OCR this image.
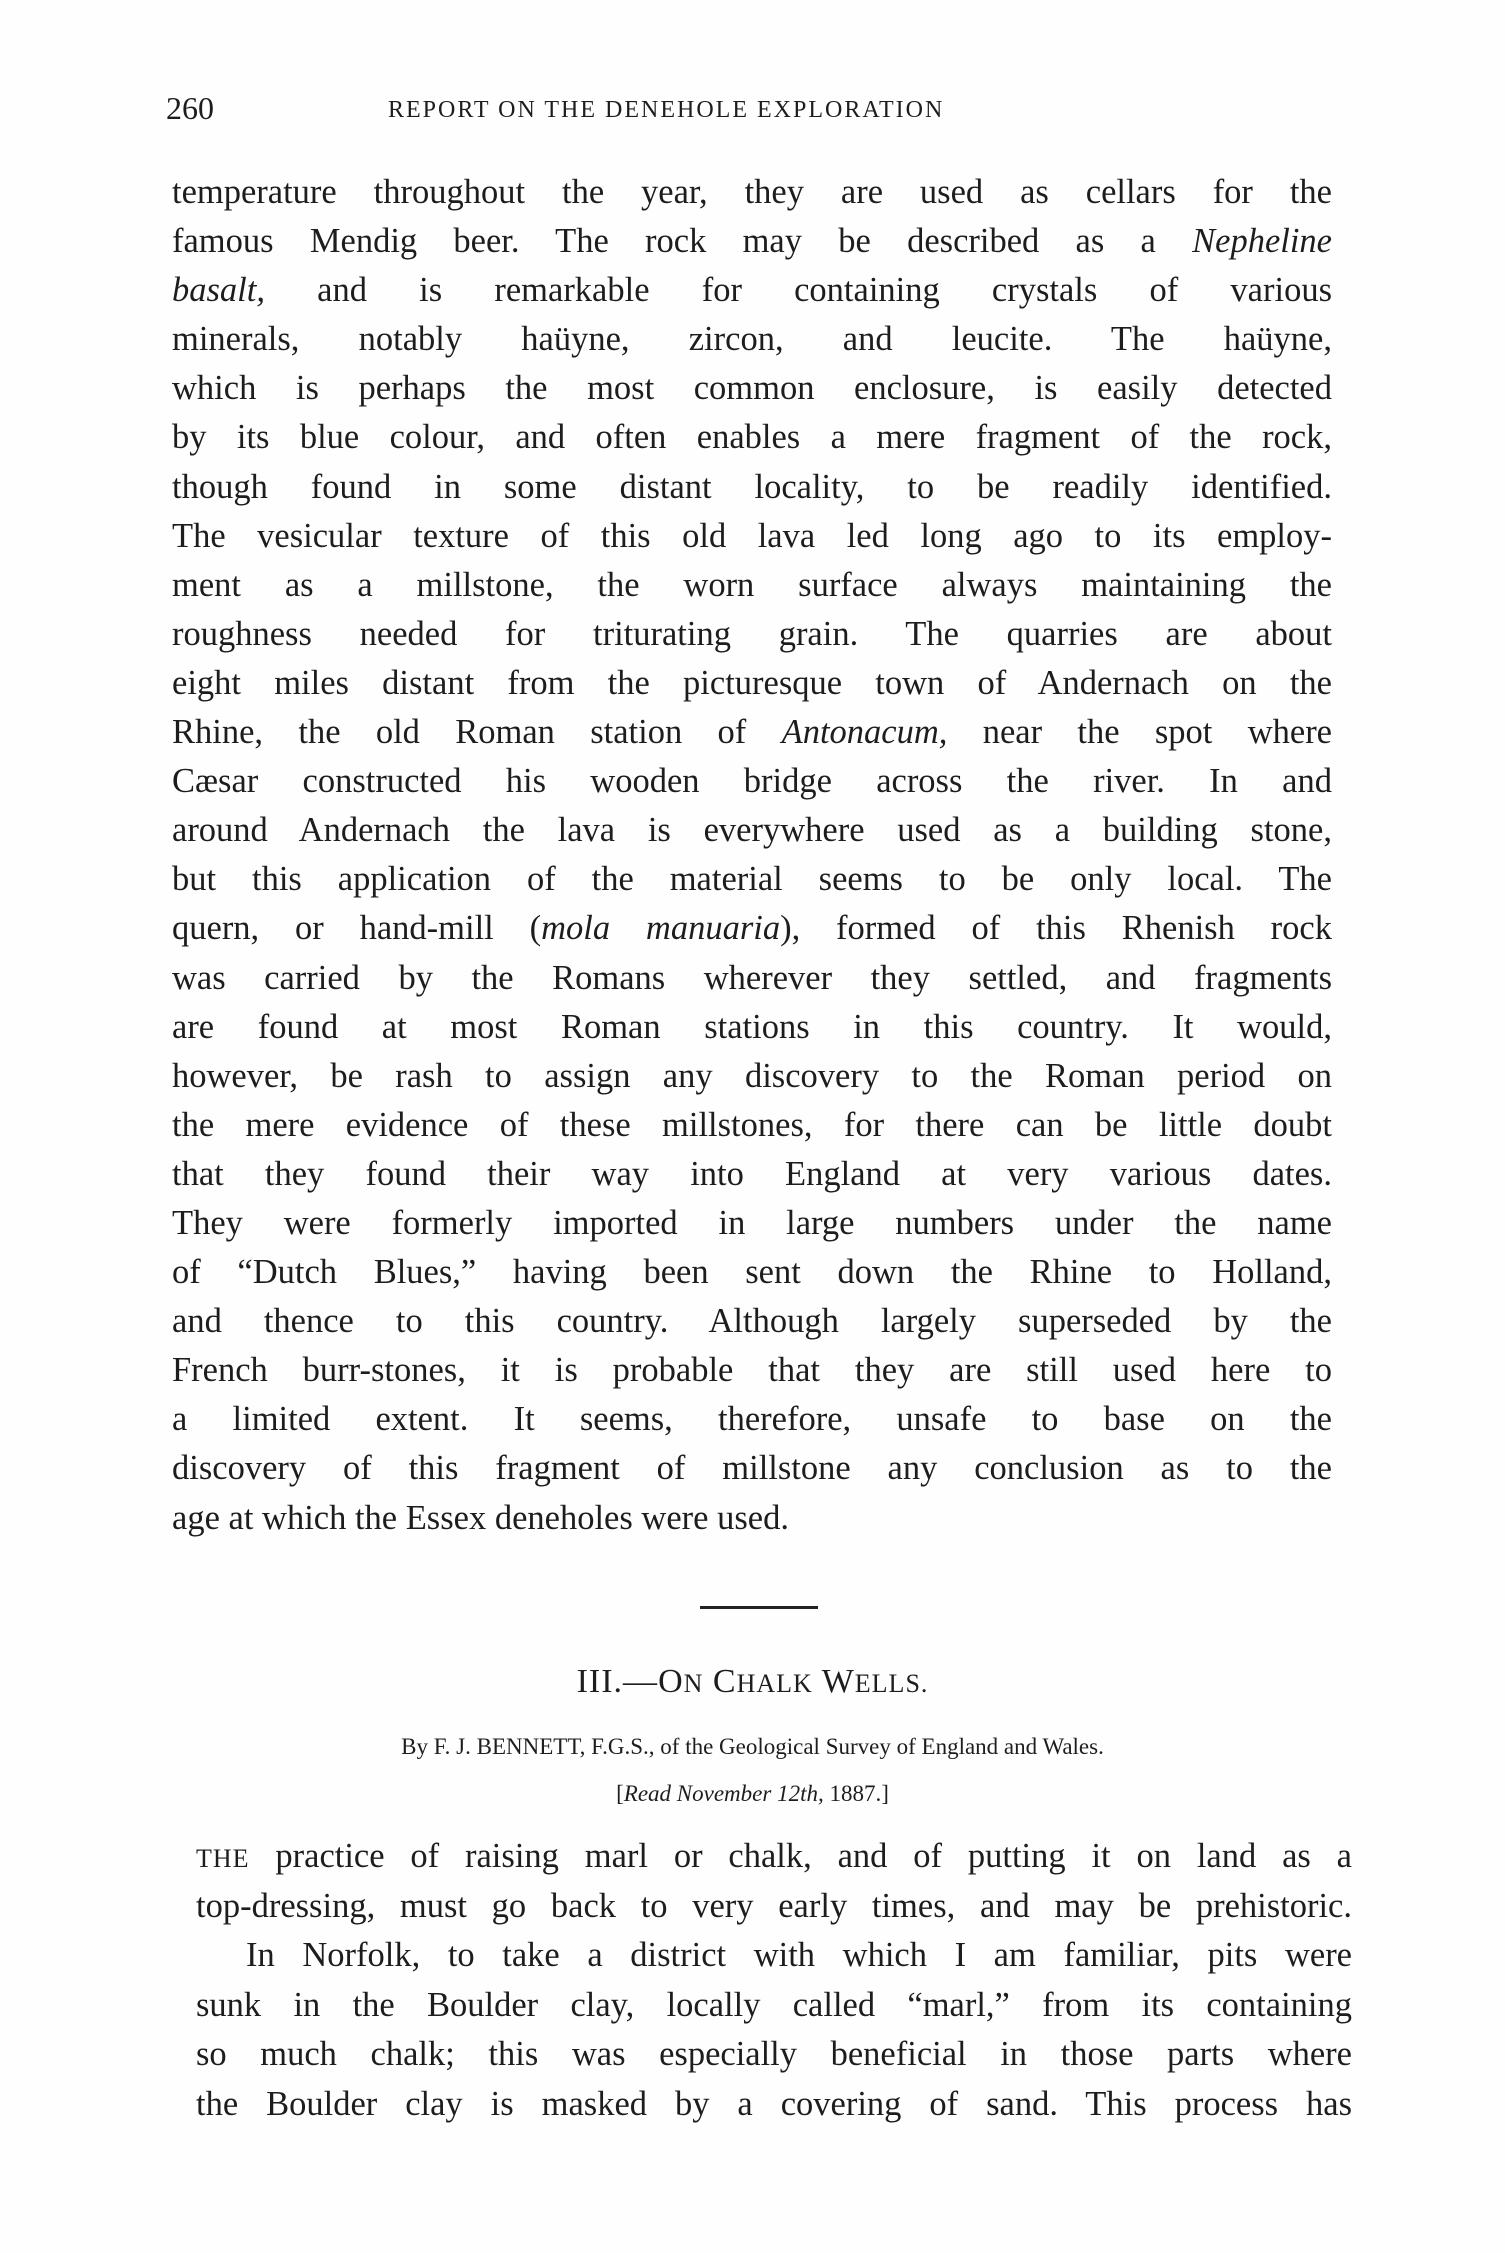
260	REPORT ON THE DENEHOLE EXPLORATION
temperature throughout the year, they are used as cellars for the
famous Mendig beer. The rock may be described as a Nepheline
basalt, and is remarkable for containing crystals of various
minerals, notably haüyne, zircon, and leucite. The haüyne,
which is perhaps the most common enclosure, is easily detected
by its blue colour, and often enables a mere fragment of the rock,
though found in some distant locality, to be readily identified.
The vesicular texture of this old lava led long ago to its employ-
ment as a millstone, the worn surface always maintaining the
roughness needed for triturating grain. The quarries are about
eight miles distant from the picturesque town of Andernach on the
Rhine, the old Roman station of Antonacum, near the spot where
Cæsar constructed his wooden bridge across the river. In and
around Andernach the lava is everywhere used as a building stone,
but this application of the material seems to be only local. The
quern, or hand-mill (mola manuaria), formed of this Rhenish rock
was carried by the Romans wherever they settled, and fragments
are found at most Roman stations in this country. It would,
however, be rash to assign any discovery to the Roman period on
the mere evidence of these millstones, for there can be little doubt
that they found their way into England at very various dates.
They were formerly imported in large numbers under the name
of “Dutch Blues,” having been sent down the Rhine to Holland,
and thence to this country. Although largely superseded by the
French burr-stones, it is probable that they are still used here to
a limited extent. It seems, therefore, unsafe to base on the
discovery of this fragment of millstone any conclusion as to the
age at which the Essex deneholes were used.
III.—ON CHALK WELLS.
By F. J. BENNETT, F.G.S., of the Geological Survey of England and Wales.
[Read November 12th, 1887.]
THE practice of raising marl or chalk, and of putting it on land as a
top-dressing, must go back to very early times, and may be prehistoric.
In Norfolk, to take a district with which I am familiar, pits were
sunk in the Boulder clay, locally called “marl,” from its containing
so much chalk; this was especially beneficial in those parts where
the Boulder clay is masked by a covering of sand. This process has
